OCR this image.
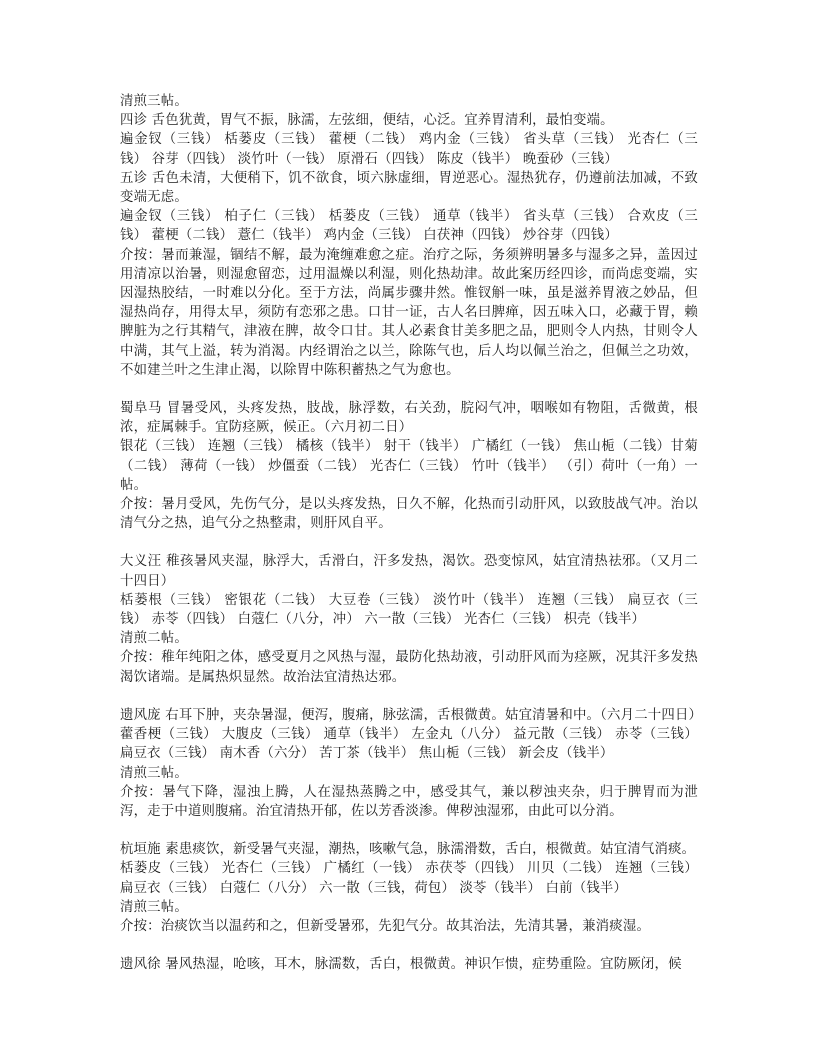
清煎三帖。
四诊 舌色犹黄，胃气不振，脉濡，左弦细，便结，心泛。宜养胃清利，最怕变端。
遍金钗（三钱） 栝蒌皮（三钱） 藿梗（二钱） 鸡内金（三钱） 省头草（三钱） 光杏仁（三钱） 谷芽（四钱） 淡竹叶（一钱） 原滑石（四钱） 陈皮（钱半） 晚蚕砂（三钱）
五诊 舌色未清，大便稍下，饥不欲食，顷六脉虚细，胃逆恶心。湿热犹存，仍遵前法加减，不致变端无虑。
遍金钗（三钱） 柏子仁（三钱） 栝蒌皮（三钱） 通草（钱半） 省头草（三钱） 合欢皮（三钱） 藿梗（二钱） 薏仁（钱半） 鸡内金（三钱） 白茯神（四钱） 炒谷芽（四钱）
介按：暑而兼湿，锢结不解，最为淹缠难愈之症。治疗之际，务须辨明暑多与湿多之异，盖因过用清凉以治暑，则湿愈留恋，过用温燥以利湿，则化热劫津。故此案历经四诊，而尚虑变端，实因湿热胶结，一时难以分化。至于方法，尚属步骤井然。惟钗斛一味，虽是滋养胃液之妙品，但湿热尚存，用得太早，须防有恋邪之患。口甘一证，古人名曰脾瘅，因五味入口，必藏于胃，赖脾脏为之行其精气，津液在脾，故令口甘。其人必素食甘美多肥之品，肥则令人内热，甘则令人中满，其气上溢，转为消渴。内经谓治之以兰，除陈气也，后人均以佩兰治之，但佩兰之功效，不如建兰叶之生津止渴，以除胃中陈积蓄热之气为愈也。
蜀阜马 冒暑受风，头疼发热，肢战，脉浮数，右关劲，脘闷气冲，咽喉如有物阻，舌微黄，根浓，症属棘手。宜防痉厥，候正。（六月初二日）
银花（三钱） 连翘（三钱） 橘核（钱半） 射干（钱半） 广橘红（一钱） 焦山栀（二钱）甘菊（二钱） 薄荷（一钱） 炒僵蚕（二钱） 光杏仁（三钱） 竹叶（钱半） （引）荷叶（一角）一帖。
介按：暑月受风，先伤气分，是以头疼发热，日久不解，化热而引动肝风，以致肢战气冲。治以清气分之热，追气分之热整肃，则肝风自平。
大义汪 稚孩暑风夹湿，脉浮大，舌滑白，汗多发热，渴饮。恐变惊风，姑宜清热祛邪。（又月二十四日）
栝蒌根（三钱） 密银花（二钱） 大豆卷（三钱） 淡竹叶（钱半） 连翘（三钱） 扁豆衣（三钱） 赤苓（四钱） 白蔻仁（八分，冲） 六一散（三钱） 光杏仁（三钱） 枳壳（钱半）
清煎二帖。
介按：稚年纯阳之体，感受夏月之风热与湿，最防化热劫液，引动肝风而为痉厥，况其汗多发热渴饮诸端。是属热炽显然。故治法宜清热达邪。
遗风庞 右耳下肿，夹杂暑湿，便泻，腹痛，脉弦濡，舌根微黄。姑宜清暑和中。（六月二十四日）
藿香梗（三钱） 大腹皮（三钱） 通草（钱半） 左金丸（八分） 益元散（三钱） 赤苓（三钱） 扁豆衣（三钱） 南木香（六分） 苦丁茶（钱半） 焦山栀（三钱） 新会皮（钱半）
清煎三帖。
介按：暑气下降，湿浊上腾，人在湿热蒸腾之中，感受其气，兼以秽浊夹杂，归于脾胃而为泄泻，走于中道则腹痛。治宜清热开郁，佐以芳香淡渗。俾秽浊湿邪，由此可以分消。
杭垣施 素患痰饮，新受暑气夹湿，潮热，咳嗽气急，脉濡滑数，舌白，根微黄。姑宜清气消痰。
栝蒌皮（三钱） 光杏仁（三钱） 广橘红（一钱） 赤茯苓（四钱） 川贝（二钱） 连翘（三钱） 扁豆衣（三钱） 白蔻仁（八分） 六一散（三钱，荷包） 淡苓（钱半） 白前（钱半）
清煎三帖。
介按：治痰饮当以温药和之，但新受暑邪，先犯气分。故其治法，先清其暑，兼消痰湿。
遗风徐 暑风热湿，呛咳，耳木，脉濡数，舌白，根微黄。神识乍愦，症势重险。宜防厥闭，候
